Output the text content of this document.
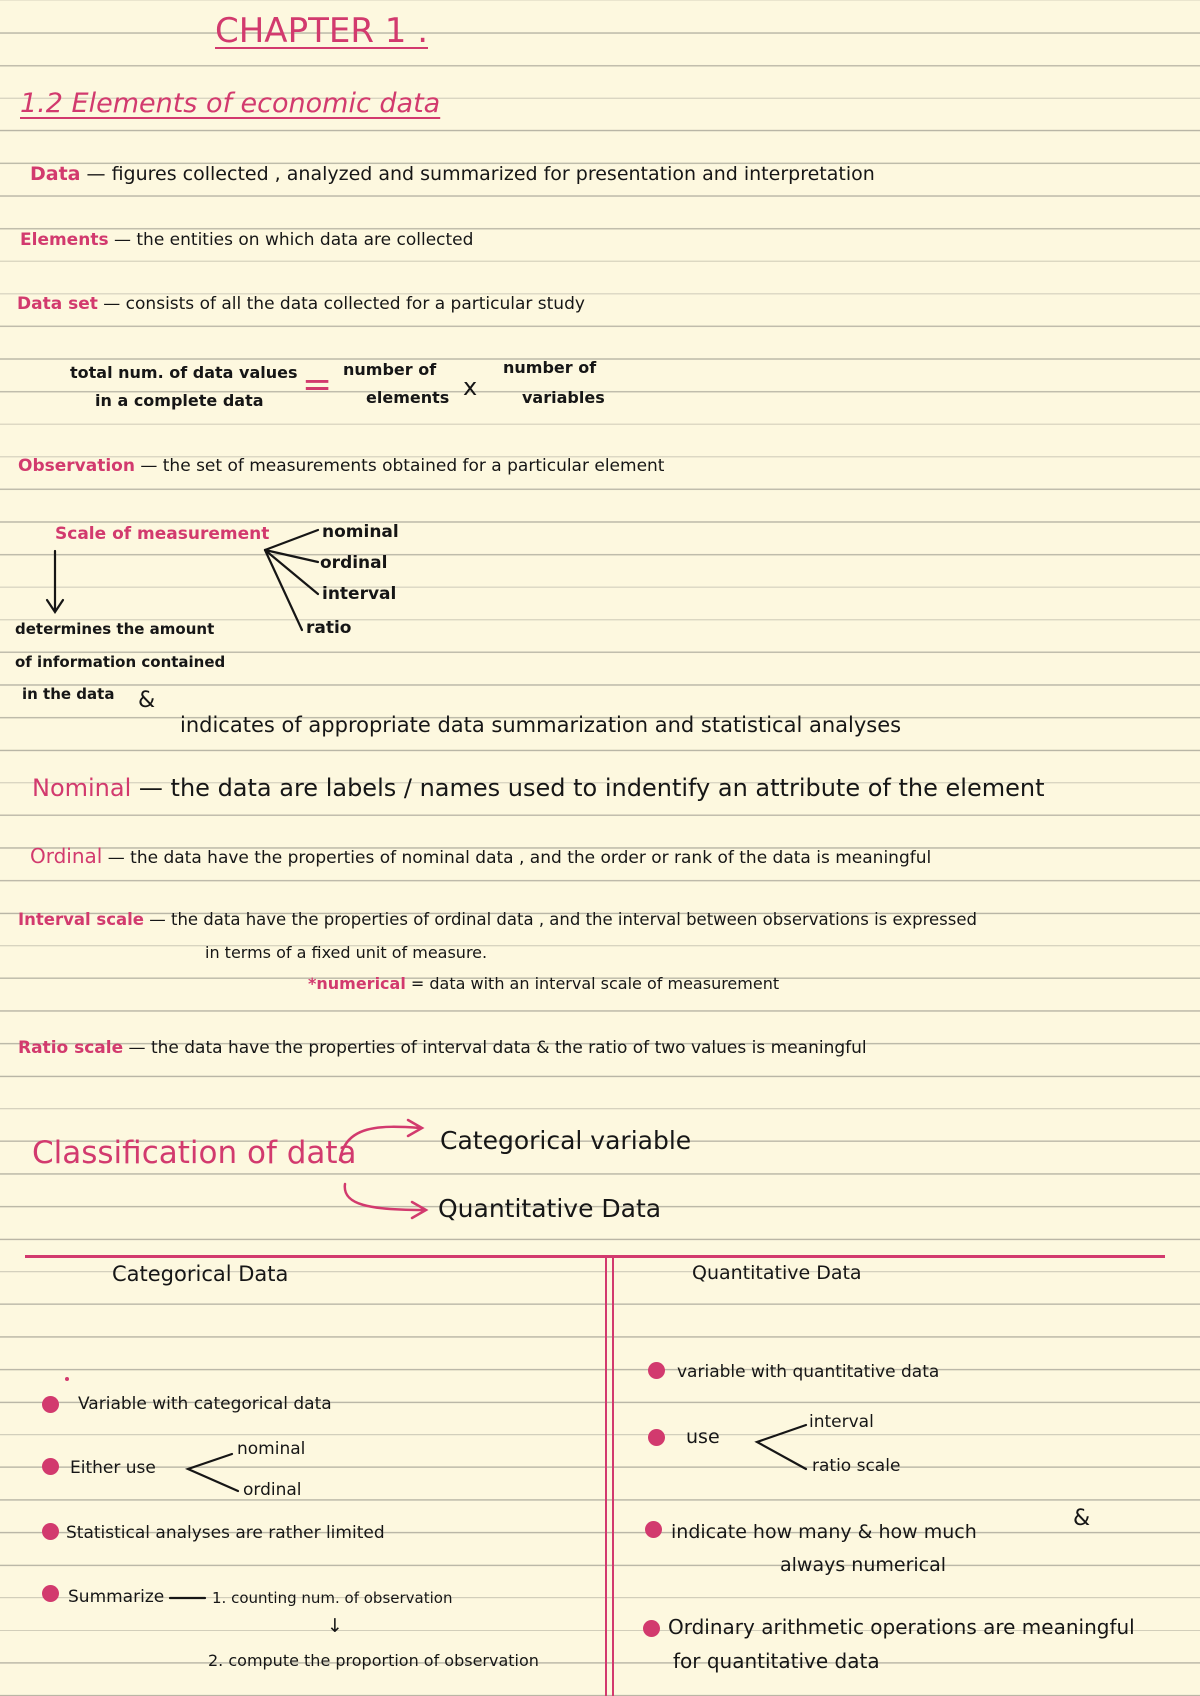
CHAPTER 1 .
1.2 Elements of economic data
Data — figures collected , analyzed and summarized for presentation and interpretation
Elements — the entities on which data are collected
Data set — consists of all the data collected for a particular study
total num. of data values
in a complete data = number of
elements x
number of
variables
Observation — the set of measurements obtained for a particular element
Scale of measurement	nominal
ordinal
interval
ratio
determines the amount
of information contained
in the data &
indicates of appropriate data summarization and statistical analyses
Nominal — the data are labels / names used to indentify an attribute of the element
Ordinal — the data have the properties of nominal data , and the order or rank of the data is meaningful
Interval scale — the data have the properties of ordinal data , and the interval between observations is expressed
in terms of a fixed unit of measure.
*numerical = data with an interval scale of measurement
Ratio scale — the data have the properties of interval data & the ratio of two values is meaningful
Classification of data	Categorical variable
Quantitative Data
Categorical Data	Quantitative Data
Variable with categorical data
Either use
nominal
ordinal
Statistical analyses are rather limited
Summarize	1. counting num. of observation
↓
2. compute the proportion of observation
variable with quantitative data
use
interval
ratio scale
indicate how many & how much
&
always numerical
Ordinary arithmetic operations are meaningful
for quantitative data
